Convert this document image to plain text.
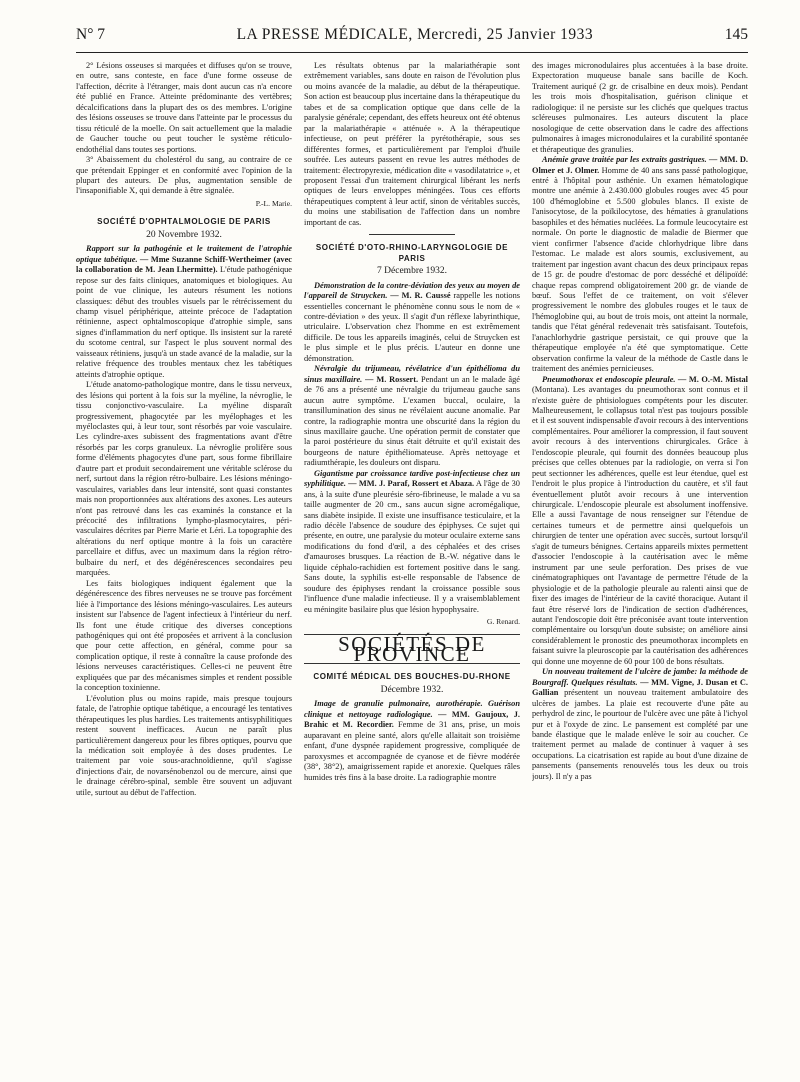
N° 7	LA PRESSE MÉDICALE, Mercredi, 25 Janvier 1933	145

2° Lésions osseuses si marquées et diffuses qu'on se trouve, en outre, sans conteste, en face d'une forme osseuse de l'affection, décrite à l'étranger, mais dont aucun cas n'a encore été publié en France. Atteinte prédominante des vertèbres; décalcifications dans la plupart des os des membres. L'origine des lésions osseuses se trouve dans l'atteinte par le processus du tissu réticulé de la moelle. On sait actuellement que la maladie de Gaucher touche ou peut toucher le système réticulo-endothélial dans toutes ses portions.

3° Abaissement du cholestérol du sang, au contraire de ce que prétendait Eppinger et en conformité avec l'opinion de la plupart des auteurs. De plus, augmentation sensible de l'insaponifiable X, qui demande à être signalée.

P.-L. Marie.
SOCIÉTÉ D'OPHTALMOLOGIE DE PARIS
20 Novembre 1932.

Rapport sur la pathogénie et le traitement de l'atrophie optique tabétique. — Mme Suzanne Schiff-Wertheimer (avec la collaboration de M. Jean Lhermitte). L'étude pathogénique repose sur des faits cliniques, anatomiques et biologiques. Au point de vue clinique, les auteurs résument les notions classiques: début des troubles visuels par le rétrécissement du champ visuel périphérique, atteinte précoce de l'adaptation rétinienne, aspect ophtalmoscopique d'atrophie simple, sans signes d'inflammation du nerf optique. Ils insistent sur la rareté du scotome central, sur l'aspect le plus souvent normal des vaisseaux rétiniens, jusqu'à un stade avancé de la maladie, sur la relative fréquence des troubles mentaux chez les tabétiques atteints d'atrophie optique.

L'étude anatomo-pathologique montre, dans le tissu nerveux, des lésions qui portent à la fois sur la myéline, la névroglie, le tissu conjonctivo-vasculaire. La myéline disparaît progressivement, phagocytée par les myélophages et les myéloclastes qui, à leur tour, sont résorbés par voie vasculaire. Les cylindre-axes subissent des fragmentations avant d'être résorbés par les corps granuleux. La névroglie prolifère sous forme d'éléments phagocytes d'une part, sous forme fibrillaire d'autre part et produit secondairement une véritable sclérose du nerf, surtout dans la région rétro-bulbaire. Les lésions méningo-vasculaires, variables dans leur intensité, sont quasi constantes mais non proportionnées aux altérations des axones. Les auteurs n'ont pas retrouvé dans les cas examinés la constance et la précocité des infiltrations lympho-plasmocytaires, péri-vasculaires décrites par Pierre Marie et Léri. La topographie des altérations du nerf optique montre à la fois un caractère parcellaire et diffus, avec un maximum dans la région rétro-bulbaire du nerf, et des dégénérescences secondaires peu marquées.

Les faits biologiques indiquent également que la dégénérescence des fibres nerveuses ne se trouve pas forcément liée à l'importance des lésions méningo-vasculaires. Les auteurs insistent sur l'absence de l'agent infectieux à l'intérieur du nerf. Ils font une étude critique des diverses conceptions pathogéniques qui ont été proposées et arrivent à la conclusion que pour cette affection, en général, comme pour sa complication optique, il reste à connaître la cause profonde des lésions nerveuses caractéristiques. Celles-ci ne peuvent être expliquées que par des mécanismes simples et rendent possible la conception toxinienne.

L'évolution plus ou moins rapide, mais presque toujours fatale, de l'atrophie optique tabétique, a encouragé les tentatives thérapeutiques les plus hardies. Les traitements antisyphilitiques restent souvent inefficaces. Aucun ne paraît plus particulièrement dangereux pour les fibres optiques, pourvu que la médication soit employée à des doses prudentes. Le traitement par voie sous-arachnoïdienne, qu'il s'agisse d'injections d'air, de novarsénobenzol ou de mercure, ainsi que le drainage cérébro-spinal, semble être souvent un adjuvant utile, surtout au début de l'affection.

Les résultats obtenus par la malariathérapie sont extrêmement variables, sans doute en raison de l'évolution plus ou moins avancée de la maladie, au début de la thérapeutique. Son action est beaucoup plus incertaine dans la thérapeutique du tabes et de sa complication optique que dans celle de la paralysie générale; cependant, des effets heureux ont été obtenus par la malariathérapie « atténuée ». A la thérapeutique infectieuse, on peut préférer la pyrétothérapie, sous ses différentes formes, et particulièrement par l'emploi d'huile soufrée. Les auteurs passent en revue les autres méthodes de traitement: électropyrexie, médication dite « vasodilatatrice », et proposent l'essai d'un traitement chirurgical libérant les nerfs optiques de leurs enveloppes méningées. Tous ces efforts thérapeutiques comptent à leur actif, sinon de véritables succès, du moins une stabilisation de l'affection dans un nombre important de cas.

SOCIÉTÉ D'OTO-RHINO-LARYNGOLOGIE DE PARIS
7 Décembre 1932.

Démonstration de la contre-déviation des yeux au moyen de l'appareil de Struycken. — M. R. Caussé rappelle les notions essentielles concernant le phénomène connu sous le nom de « contre-déviation » des yeux. Il s'agit d'un réflexe labyrinthique, utriculaire. L'observation chez l'homme en est extrêmement difficile. De tous les appareils imaginés, celui de Struycken est le plus simple et le plus précis. L'auteur en donne une démonstration.

Névralgie du trijumeau, révélatrice d'un épithélioma du sinus maxillaire. — M. Rossert. Pendant un an le malade âgé de 76 ans a présenté une névralgie du trijumeau gauche sans aucun autre symptôme. L'examen buccal, oculaire, la transillumination des sinus ne révélaient aucune anomalie. Par contre, la radiographie montra une obscurité dans la région du sinus maxillaire gauche. Une opération permit de constater que la paroi postérieure du sinus était détruite et qu'il existait des bourgeons de nature épithéliomateuse. Après nettoyage et radiumthérapie, les douleurs ont disparu.

Gigantisme par croissance tardive post-infectieuse chez un syphilitique. — MM. J. Paraf, Rossert et Abaza. A l'âge de 30 ans, à la suite d'une pleurésie séro-fibrineuse, le malade a vu sa taille augmenter de 20 cm., sans aucun signe acromégalique, sans diabète insipide. Il existe une insuffisance testiculaire, et la radio décèle l'absence de soudure des épiphyses. Ce sujet qui présente, en outre, une paralysie du moteur oculaire externe sans modifications du fond d'œil, a des céphalées et des crises d'amauroses brusques. La réaction de B.-W. négative dans le liquide céphalo-rachidien est fortement positive dans le sang. Sans doute, la syphilis est-elle responsable de l'absence de soudure des épiphyses rendant la croissance possible sous l'influence d'une maladie infectieuse. Il y a vraisemblablement eu méningite basilaire plus que lésion hypophysaire.

G. Renard.
SOCIÉTÉS DE PROVINCE
COMITÉ MÉDICAL DES BOUCHES-DU-RHONE
Décembre 1932.

Image de granulie pulmonaire, aurothérapie. Guérison clinique et nettoyage radiologique. — MM. Gaujoux, J. Brahic et M. Recordier. Femme de 31 ans, prise, un mois auparavant en pleine santé, alors qu'elle allaitait son troisième enfant, d'une dyspnée rapidement progressive, compliquée de paroxysmes et accompagnée de cyanose et de fièvre modérée (38°, 38°2), amaigrissement rapide et anorexie. Quelques râles humides très fins à la base droite. La radiographie montre

des images micronodulaires plus accentuées à la base droite. Expectoration muqueuse banale sans bacille de Koch. Traitement auriqué (2 gr. de crisalbine en deux mois). Pendant les trois mois d'hospitalisation, guérison clinique et radiologique: il ne persiste sur les clichés que quelques tractus scléreuses pulmonaires. Les auteurs discutent la place nosologique de cette observation dans le cadre des affections pulmonaires à images micronodulaires et la curabilité spontanée et thérapeutique des granulies.

Anémie grave traitée par les extraits gastriques. — MM. D. Olmer et J. Olmer. Homme de 40 ans sans passé pathologique, entré à l'hôpital pour asthénie. Un examen hématologique montre une anémie à 2.430.000 globules rouges avec 45 pour 100 d'hémoglobine et 5.500 globules blancs. Il existe de l'anisocytose, de la poïkilocytose, des hématies à granulations basophiles et des hématies nucléées. La formule leucocytaire est normale. On porte le diagnostic de maladie de Biermer que vient confirmer l'absence d'acide chlorhydrique libre dans l'estomac. Le malade est alors soumis, exclusivement, au traitement par ingestion avant chacun des deux principaux repas de 15 gr. de poudre d'estomac de porc desséché et délipoïdé: chaque repas comprend obligatoirement 200 gr. de viande de bœuf. Sous l'effet de ce traitement, on voit s'élever progressivement le nombre des globules rouges et le taux de l'hémoglobine qui, au bout de trois mois, ont atteint la normale, tandis que l'état général redevenait très satisfaisant. Toutefois, l'anachlorhydrie gastrique persistait, ce qui prouve que la thérapeutique employée n'a été que symptomatique. Cette observation confirme la valeur de la méthode de Castle dans le traitement des anémies pernicieuses.

Pneumothorax et endoscopie pleurale. — M. O.-M. Mistal (Montana). Les avantages du pneumothorax sont connus et il n'existe guère de phtisiologues compétents pour les discuter. Malheureusement, le collapsus total n'est pas toujours possible et il est souvent indispensable d'avoir recours à des interventions complémentaires. Pour améliorer la compression, il faut souvent avoir recours à des interventions chirurgicales. Grâce à l'endoscopie pleurale, qui fournit des données beaucoup plus précises que celles obtenues par la radiologie, on verra si l'on peut sectionner les adhérences, quelle est leur étendue, quel est l'endroit le plus propice à l'introduction du cautère, et s'il faut éventuellement plutôt avoir recours à une intervention chirurgicale. L'endoscopie pleurale est absolument inoffensive. Elle a aussi l'avantage de nous renseigner sur l'étendue de certaines tumeurs et de permettre ainsi quelquefois un chirurgien de tenter une opération avec succès, surtout lorsqu'il s'agit de tumeurs bénignes. Certains appareils mixtes permettent d'associer l'endoscopie à la cautérisation avec le même instrument par une seule perforation. Des prises de vue cinématographiques ont l'avantage de permettre l'étude de la physiologie et de la pathologie pleurale au ralenti ainsi que de fixer des images de l'intérieur de la cavité thoracique. Autant il faut être réservé lors de l'indication de section d'adhérences, autant l'endoscopie doit être préconisée avant toute intervention complémentaire ou lorsqu'un doute subsiste; on améliore ainsi considérablement le pronostic des pneumothorax incomplets en faisant suivre la pleuroscopie par la cautérisation des adhérences qui donne une moyenne de 60 pour 100 de bons résultats.

Un nouveau traitement de l'ulcère de jambe: la méthode de Bourgraff. Quelques résultats. — MM. Vigne, J. Dusan et C. Gallian présentent un nouveau traitement ambulatoire des ulcères de jambes. La plaie est recouverte d'une pâte au perhydrol de zinc, le pourtour de l'ulcère avec une pâte à l'ichyol pur et à l'oxyde de zinc. Le pansement est complété par une bande élastique que le malade enlève le soir au coucher. Ce traitement permet au malade de continuer à vaquer à ses occupations. La cicatrisation est rapide au bout d'une dizaine de pansements (pansements renouvelés tous les deux ou trois jours). Il n'y a pas
